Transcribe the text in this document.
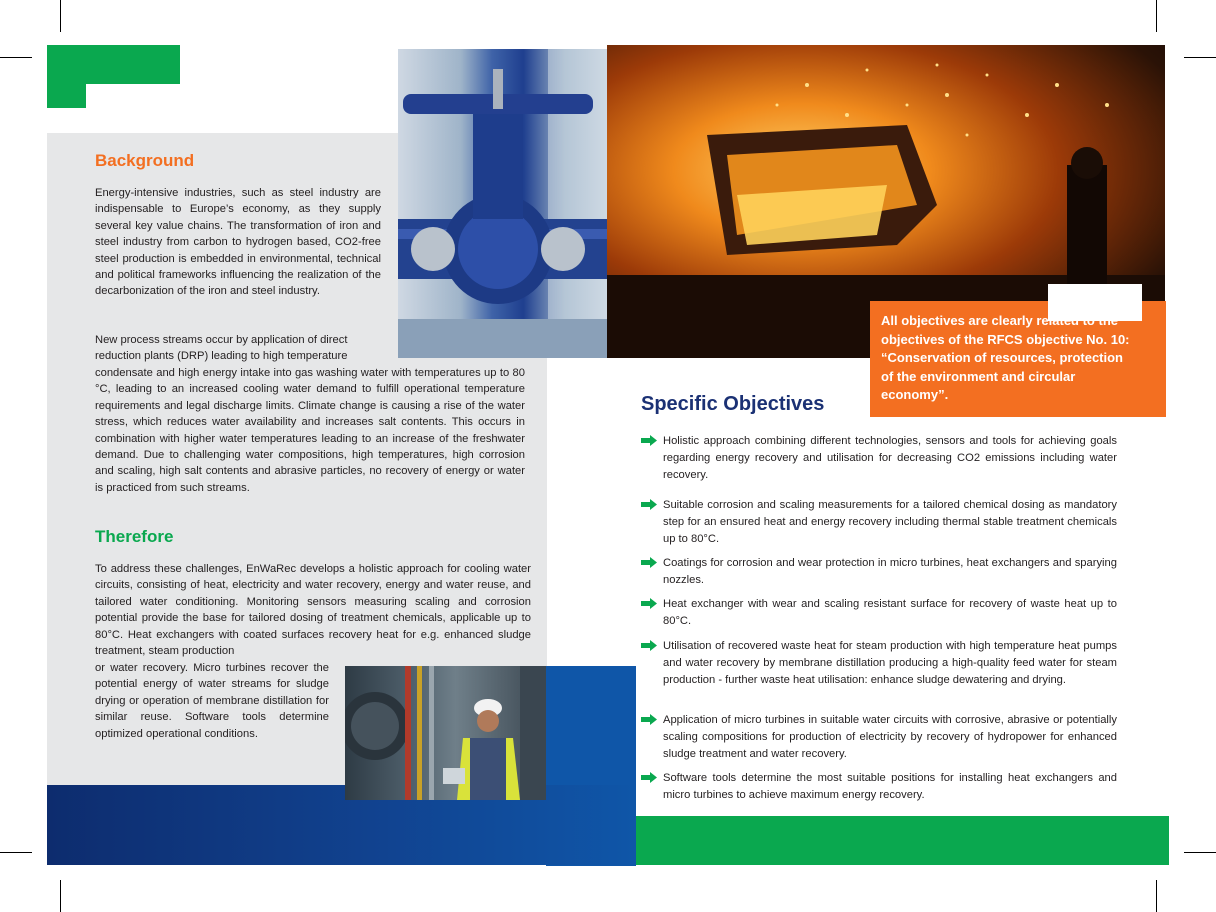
All objectives are clearly related to the objectives of the RFCS objective No. 10: “Conservation of resources, protection of the environment and circular economy”.

Background

Energy-intensive industries, such as steel industry are indispensable to Europe’s economy, as they supply several key value chains. The transformation of iron and steel industry from carbon to hydrogen based, CO2-free steel production is embedded in environmental, technical and political frameworks influencing the realization of the decarbonization of the iron and steel industry.

New process streams occur by application of direct reduction plants (DRP) leading to high temperature

condensate and high energy intake into gas washing water with temperatures up to 80 °C, leading to an increased cooling water demand to fulfill operational temperature requirements and legal discharge limits. Climate change is causing a rise of the water stress, which reduces water availability and increases salt contents. This occurs in combination with higher water temperatures leading to an increase of the freshwater demand. Due to challenging water compositions, high temperatures, high corrosion and scaling, high salt contents and abrasive particles, no recovery of energy or water is practiced from such streams.

Therefore

To address these challenges, EnWaRec develops a holistic approach for cooling water circuits, consisting of heat, electricity and water recovery, energy and water reuse, and tailored water conditioning. Monitoring sensors measuring scaling and corrosion potential provide the base for tailored dosing of treatment chemicals, applicable up to 80°C. Heat exchangers with coated surfaces recovery heat for e.g. enhanced sludge treatment, steam production

or water recovery. Micro turbines recover the potential energy of water streams for sludge drying or operation of membrane distillation for similar reuse. Software tools determine optimized operational conditions.

Specific Objectives
Holistic approach combining different technologies, sensors and tools for achieving goals regarding energy recovery and utilisation for decreasing CO2 emissions including water recovery.
Suitable corrosion and scaling measurements for a tailored chemical dosing as mandatory step for an ensured heat and energy recovery including thermal stable treatment chemicals up to 80°C.
Coatings for corrosion and wear protection in micro turbines, heat exchangers and sparying nozzles.
Heat exchanger with wear and scaling resistant surface for recovery of waste heat up to 80°C.
Utilisation of recovered waste heat for steam production with high temperature heat pumps and water recovery by membrane distillation producing a high-quality feed water for steam production - further waste heat utilisation: enhance sludge dewatering and drying.
Application of micro turbines in suitable water circuits with corrosive, abrasive or potentially scaling compositions for production of electricity by recovery of hydropower for enhanced sludge treatment and water recovery.
Software tools determine the most suitable positions for installing heat exchangers and micro turbines to achieve maximum energy recovery.
